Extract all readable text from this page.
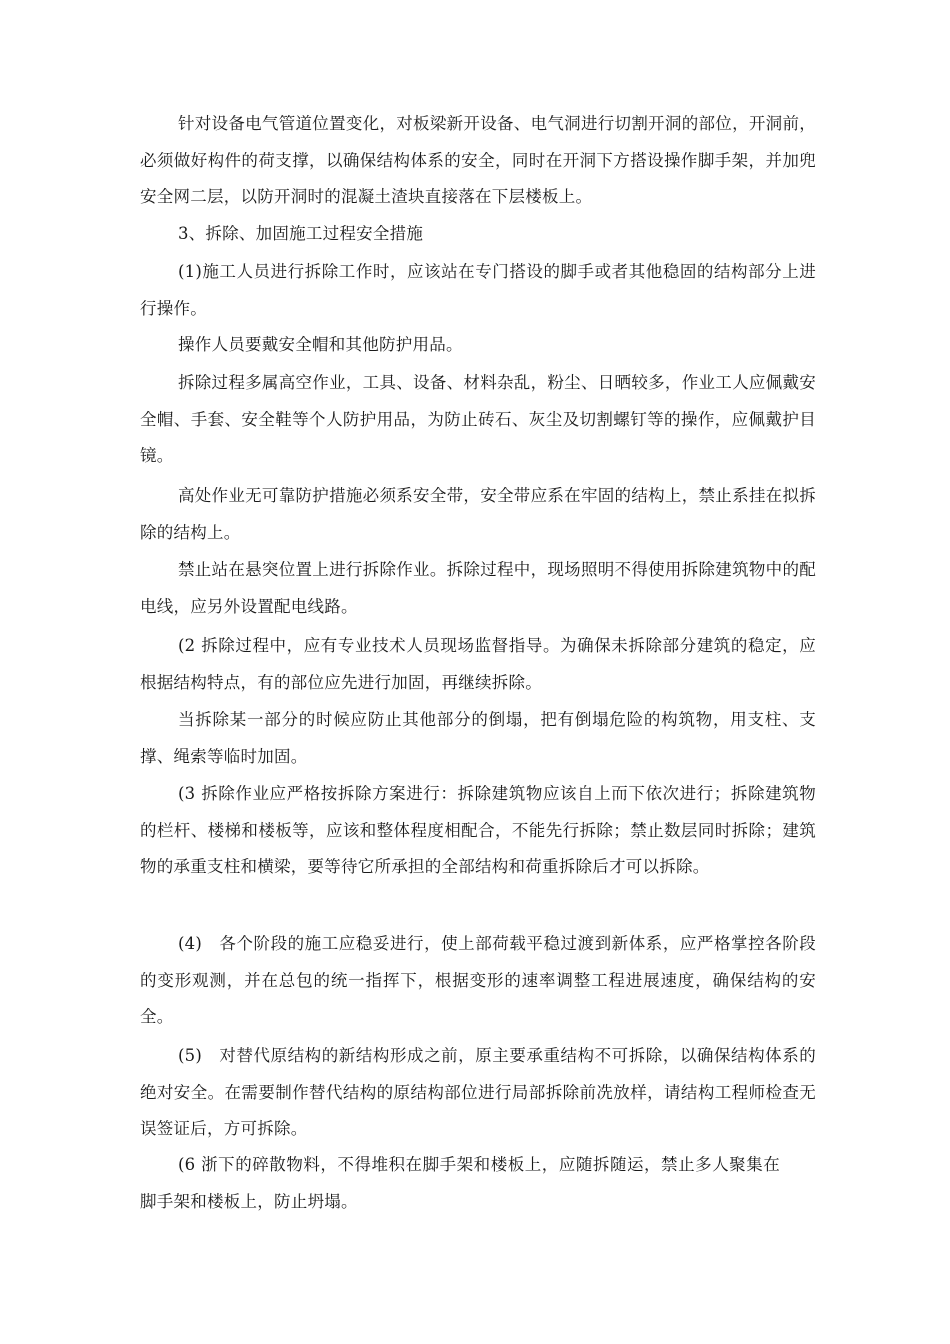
针对设备电气管道位置变化，对板梁新开设备、电气洞进行切割开洞的部位，开洞前，必须做好构件的荷支撑，以确保结构体系的安全，同时在开洞下方搭设操作脚手架，并加兜安全网二层，以防开洞时的混凝土渣块直接落在下层楼板上。

3、拆除、加固施工过程安全措施

(1)施工人员进行拆除工作时，应该站在专门搭设的脚手或者其他稳固的结构部分上进行操作。

操作人员要戴安全帽和其他防护用品。

拆除过程多属高空作业，工具、设备、材料杂乱，粉尘、日晒较多，作业工人应佩戴安全帽、手套、安全鞋等个人防护用品，为防止砖石、灰尘及切割螺钉等的操作，应佩戴护目镜。

高处作业无可靠防护措施必须系安全带，安全带应系在牢固的结构上，禁止系挂在拟拆除的结构上。

禁止站在悬突位置上进行拆除作业。拆除过程中，现场照明不得使用拆除建筑物中的配电线，应另外设置配电线路。

(2 拆除过程中，应有专业技术人员现场监督指导。为确保未拆除部分建筑的稳定，应根据结构特点，有的部位应先进行加固，再继续拆除。

当拆除某一部分的时候应防止其他部分的倒塌，把有倒塌危险的构筑物，用支柱、支撑、绳索等临时加固。

(3 拆除作业应严格按拆除方案进行：拆除建筑物应该自上而下依次进行；拆除建筑物的栏杆、楼梯和楼板等，应该和整体程度相配合，不能先行拆除；禁止数层同时拆除；建筑物的承重支柱和横梁，要等待它所承担的全部结构和荷重拆除后才可以拆除。

(4)　各个阶段的施工应稳妥进行，使上部荷载平稳过渡到新体系，应严格掌控各阶段的变形观测，并在总包的统一指挥下，根据变形的速率调整工程进展速度，确保结构的安全。

(5)　对替代原结构的新结构形成之前，原主要承重结构不可拆除，以确保结构体系的绝对安全。在需要制作替代结构的原结构部位进行局部拆除前冼放样，请结构工程师检查无误签证后，方可拆除。

(6 浙下的碎散物料，不得堆积在脚手架和楼板上，应随拆随运，禁止多人聚集在脚手架和楼板上，防止坍塌。
